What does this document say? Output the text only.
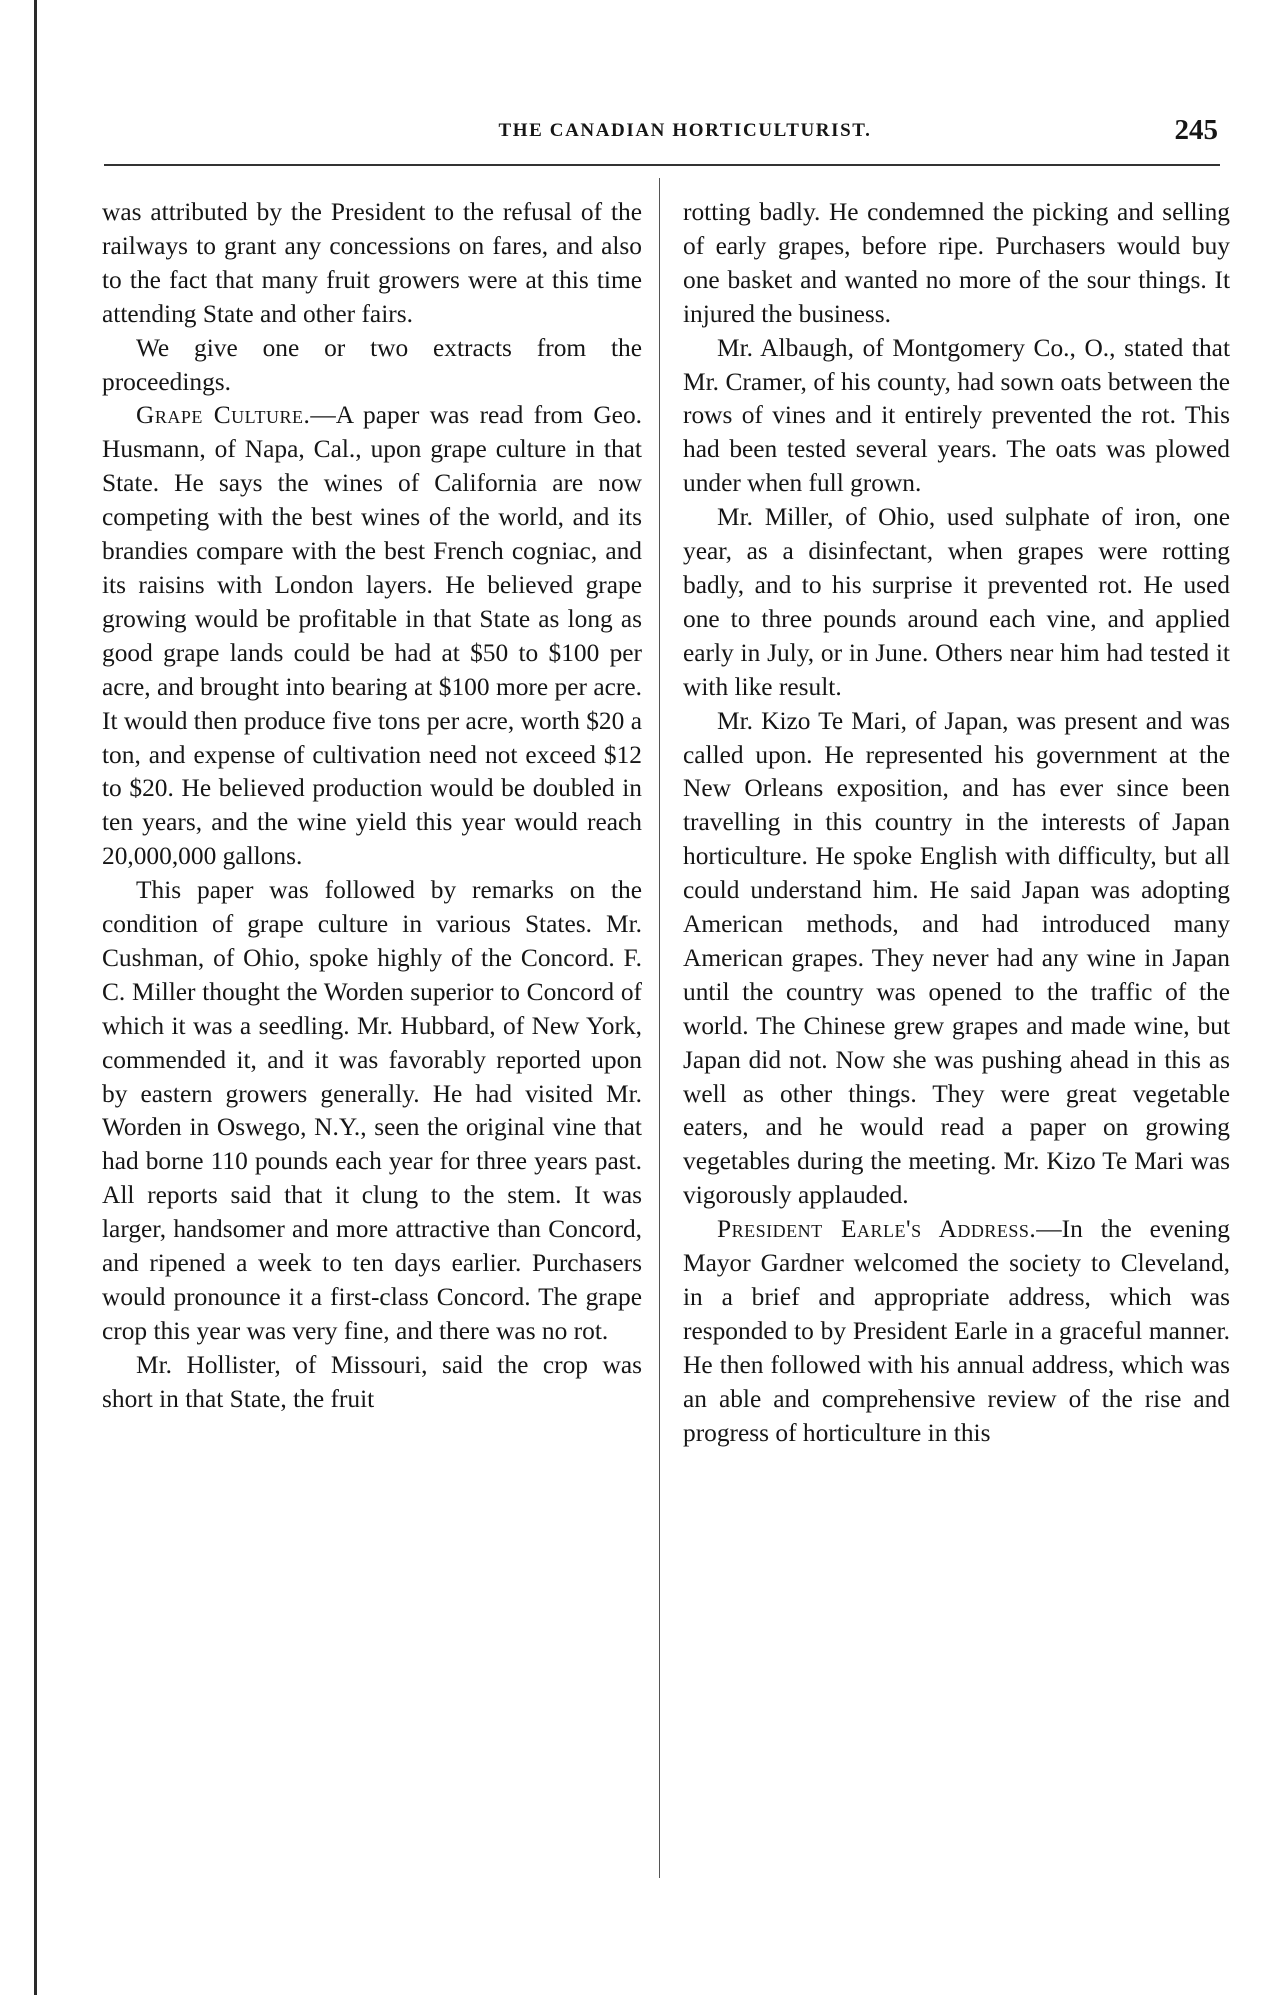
THE CANADIAN HORTICULTURIST.	245

was attributed by the President to the refusal of the railways to grant any concessions on fares, and also to the fact that many fruit growers were at this time attending State and other fairs.

We give one or two extracts from the proceedings.

Grape Culture.—A paper was read from Geo. Husmann, of Napa, Cal., upon grape culture in that State. He says the wines of California are now competing with the best wines of the world, and its brandies compare with the best French cogniac, and its raisins with London layers. He believed grape growing would be profitable in that State as long as good grape lands could be had at $50 to $100 per acre, and brought into bearing at $100 more per acre. It would then produce five tons per acre, worth $20 a ton, and expense of cultivation need not exceed $12 to $20. He believed production would be doubled in ten years, and the wine yield this year would reach 20,000,000 gallons.

This paper was followed by remarks on the condition of grape culture in various States. Mr. Cushman, of Ohio, spoke highly of the Concord. F. C. Miller thought the Worden superior to Concord of which it was a seedling. Mr. Hubbard, of New York, commended it, and it was favorably reported upon by eastern growers generally. He had visited Mr. Worden in Oswego, N.Y., seen the original vine that had borne 110 pounds each year for three years past. All reports said that it clung to the stem. It was larger, handsomer and more attractive than Concord, and ripened a week to ten days earlier. Purchasers would pronounce it a first-class Concord. The grape crop this year was very fine, and there was no rot.

Mr. Hollister, of Missouri, said the crop was short in that State, the fruit

rotting badly. He condemned the picking and selling of early grapes, before ripe. Purchasers would buy one basket and wanted no more of the sour things. It injured the business.

Mr. Albaugh, of Montgomery Co., O., stated that Mr. Cramer, of his county, had sown oats between the rows of vines and it entirely prevented the rot. This had been tested several years. The oats was plowed under when full grown.

Mr. Miller, of Ohio, used sulphate of iron, one year, as a disinfectant, when grapes were rotting badly, and to his surprise it prevented rot. He used one to three pounds around each vine, and applied early in July, or in June. Others near him had tested it with like result.

Mr. Kizo Te Mari, of Japan, was present and was called upon. He represented his government at the New Orleans exposition, and has ever since been travelling in this country in the interests of Japan horticulture. He spoke English with difficulty, but all could understand him. He said Japan was adopting American methods, and had introduced many American grapes. They never had any wine in Japan until the country was opened to the traffic of the world. The Chinese grew grapes and made wine, but Japan did not. Now she was pushing ahead in this as well as other things. They were great vegetable eaters, and he would read a paper on growing vegetables during the meeting. Mr. Kizo Te Mari was vigorously applauded.

President Earle's Address.—In the evening Mayor Gardner welcomed the society to Cleveland, in a brief and appropriate address, which was responded to by President Earle in a graceful manner. He then followed with his annual address, which was an able and comprehensive review of the rise and progress of horticulture in this
